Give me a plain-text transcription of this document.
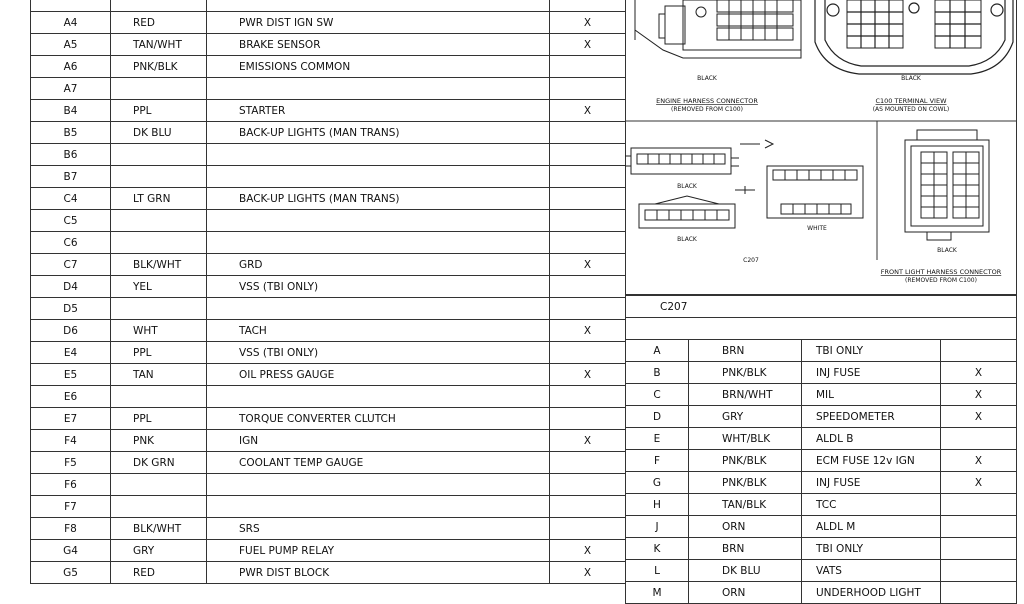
A4	RED	PWR DIST IGN SW	X
A5	TAN/WHT	BRAKE SENSOR	X
A6	PNK/BLK	EMISSIONS COMMON	
A7			
B4	PPL	STARTER	X
B5	DK BLU	BACK-UP LIGHTS (MAN TRANS)	
B6			
B7			
C4	LT GRN	BACK-UP LIGHTS (MAN TRANS)	
C5			
C6			
C7	BLK/WHT	GRD	X
D4	YEL	VSS (TBI ONLY)	
D5			
D6	WHT	TACH	X
E4	PPL	VSS (TBI ONLY)	
E5	TAN	OIL PRESS GAUGE	X
E6			
E7	PPL	TORQUE CONVERTER CLUTCH	
F4	PNK	IGN	X
F5	DK GRN	COOLANT TEMP GAUGE	
F6			
F7			
F8	BLK/WHT	SRS	
G4	GRY	FUEL PUMP RELAY	X
G5	RED	PWR DIST BLOCK	X
BLACK
ENGINE HARNESS CONNECTOR
(REMOVED FROM C100)
BLACK
C100 TERMINAL VIEW
(AS MOUNTED ON COWL)
BLACK
BLACK
WHITE
C207
BLACK
FRONT LIGHT HARNESS CONNECTOR
(REMOVED FROM C100)
C207			

A	BRN	TBI ONLY	
B	PNK/BLK	INJ FUSE	X
C	BRN/WHT	MIL	X
D	GRY	SPEEDOMETER	X
E	WHT/BLK	ALDL B	
F	PNK/BLK	ECM FUSE 12v IGN	X
G	PNK/BLK	INJ FUSE	X
H	TAN/BLK	TCC	
J	ORN	ALDL M	
K	BRN	TBI ONLY	
L	DK BLU	VATS	
M	ORN	UNDERHOOD LIGHT	
